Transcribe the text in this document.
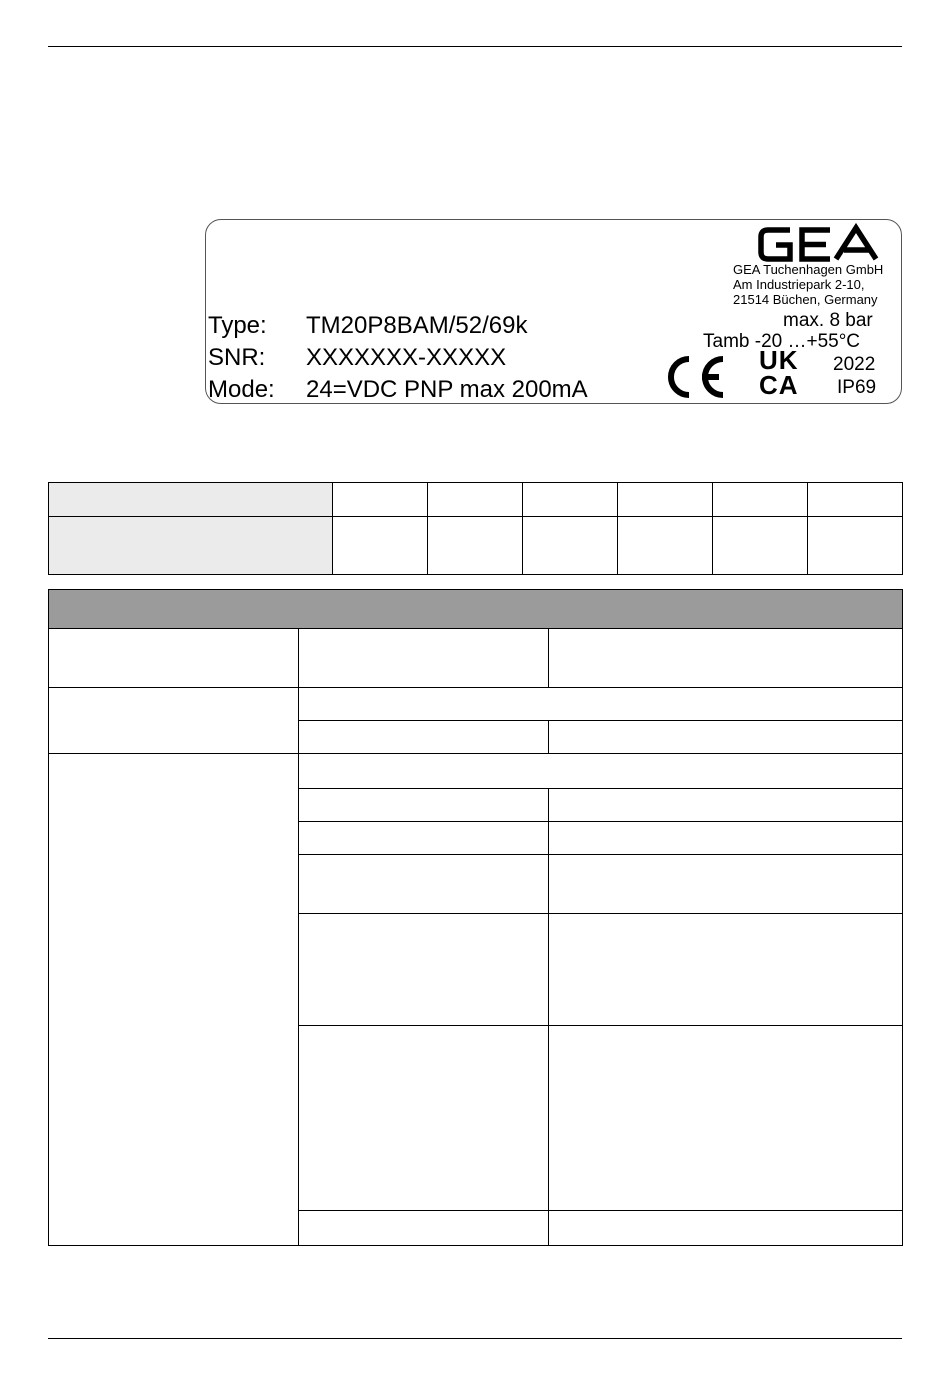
GEA Tuchenhagen GmbH
Am Industriepark 2-10,
21514 Büchen, Germany
Type: TM20P8BAM/52/69k
SNR: XXXXXXX-XXXXX
Mode: 24=VDC PNP max 200mA
max. 8 bar
Tamb -20 …+55°C
UK
CA
2022
IP69
